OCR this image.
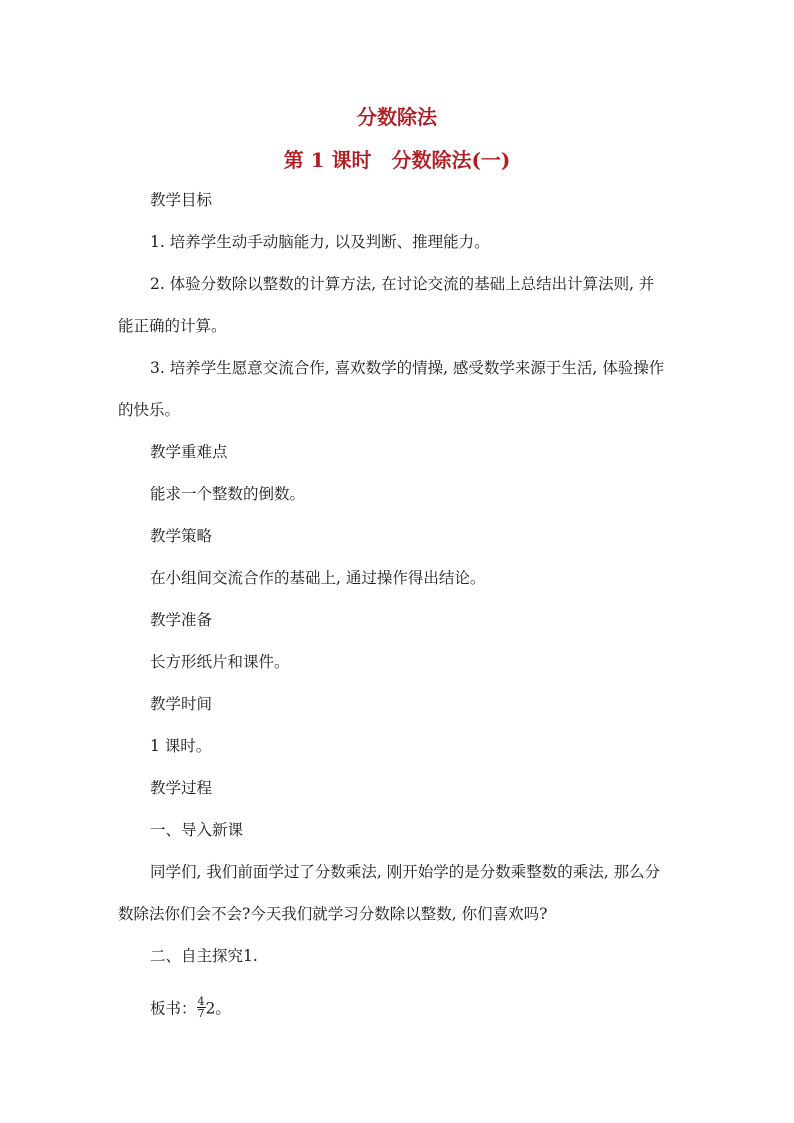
分数除法
第 1 课时　分数除法(一)

教学目标

1. 培养学生动手动脑能力, 以及判断、推理能力。

2. 体验分数除以整数的计算方法, 在讨论交流的基础上总结出计算法则, 并

能正确的计算。

3. 培养学生愿意交流合作, 喜欢数学的情操, 感受数学来源于生活, 体验操作

的快乐。

教学重难点

能求一个整数的倒数。

教学策略

在小组间交流合作的基础上, 通过操作得出结论。

教学准备

长方形纸片和课件。

教学时间

1 课时。

教学过程

一、导入新课

同学们, 我们前面学过了分数乘法, 刚开始学的是分数乘整数的乘法, 那么分

数除法你们会不会?今天我们就学习分数除以整数, 你们喜欢吗?

二、自主探究1.

板书： $\frac{4}{7} 2$。
